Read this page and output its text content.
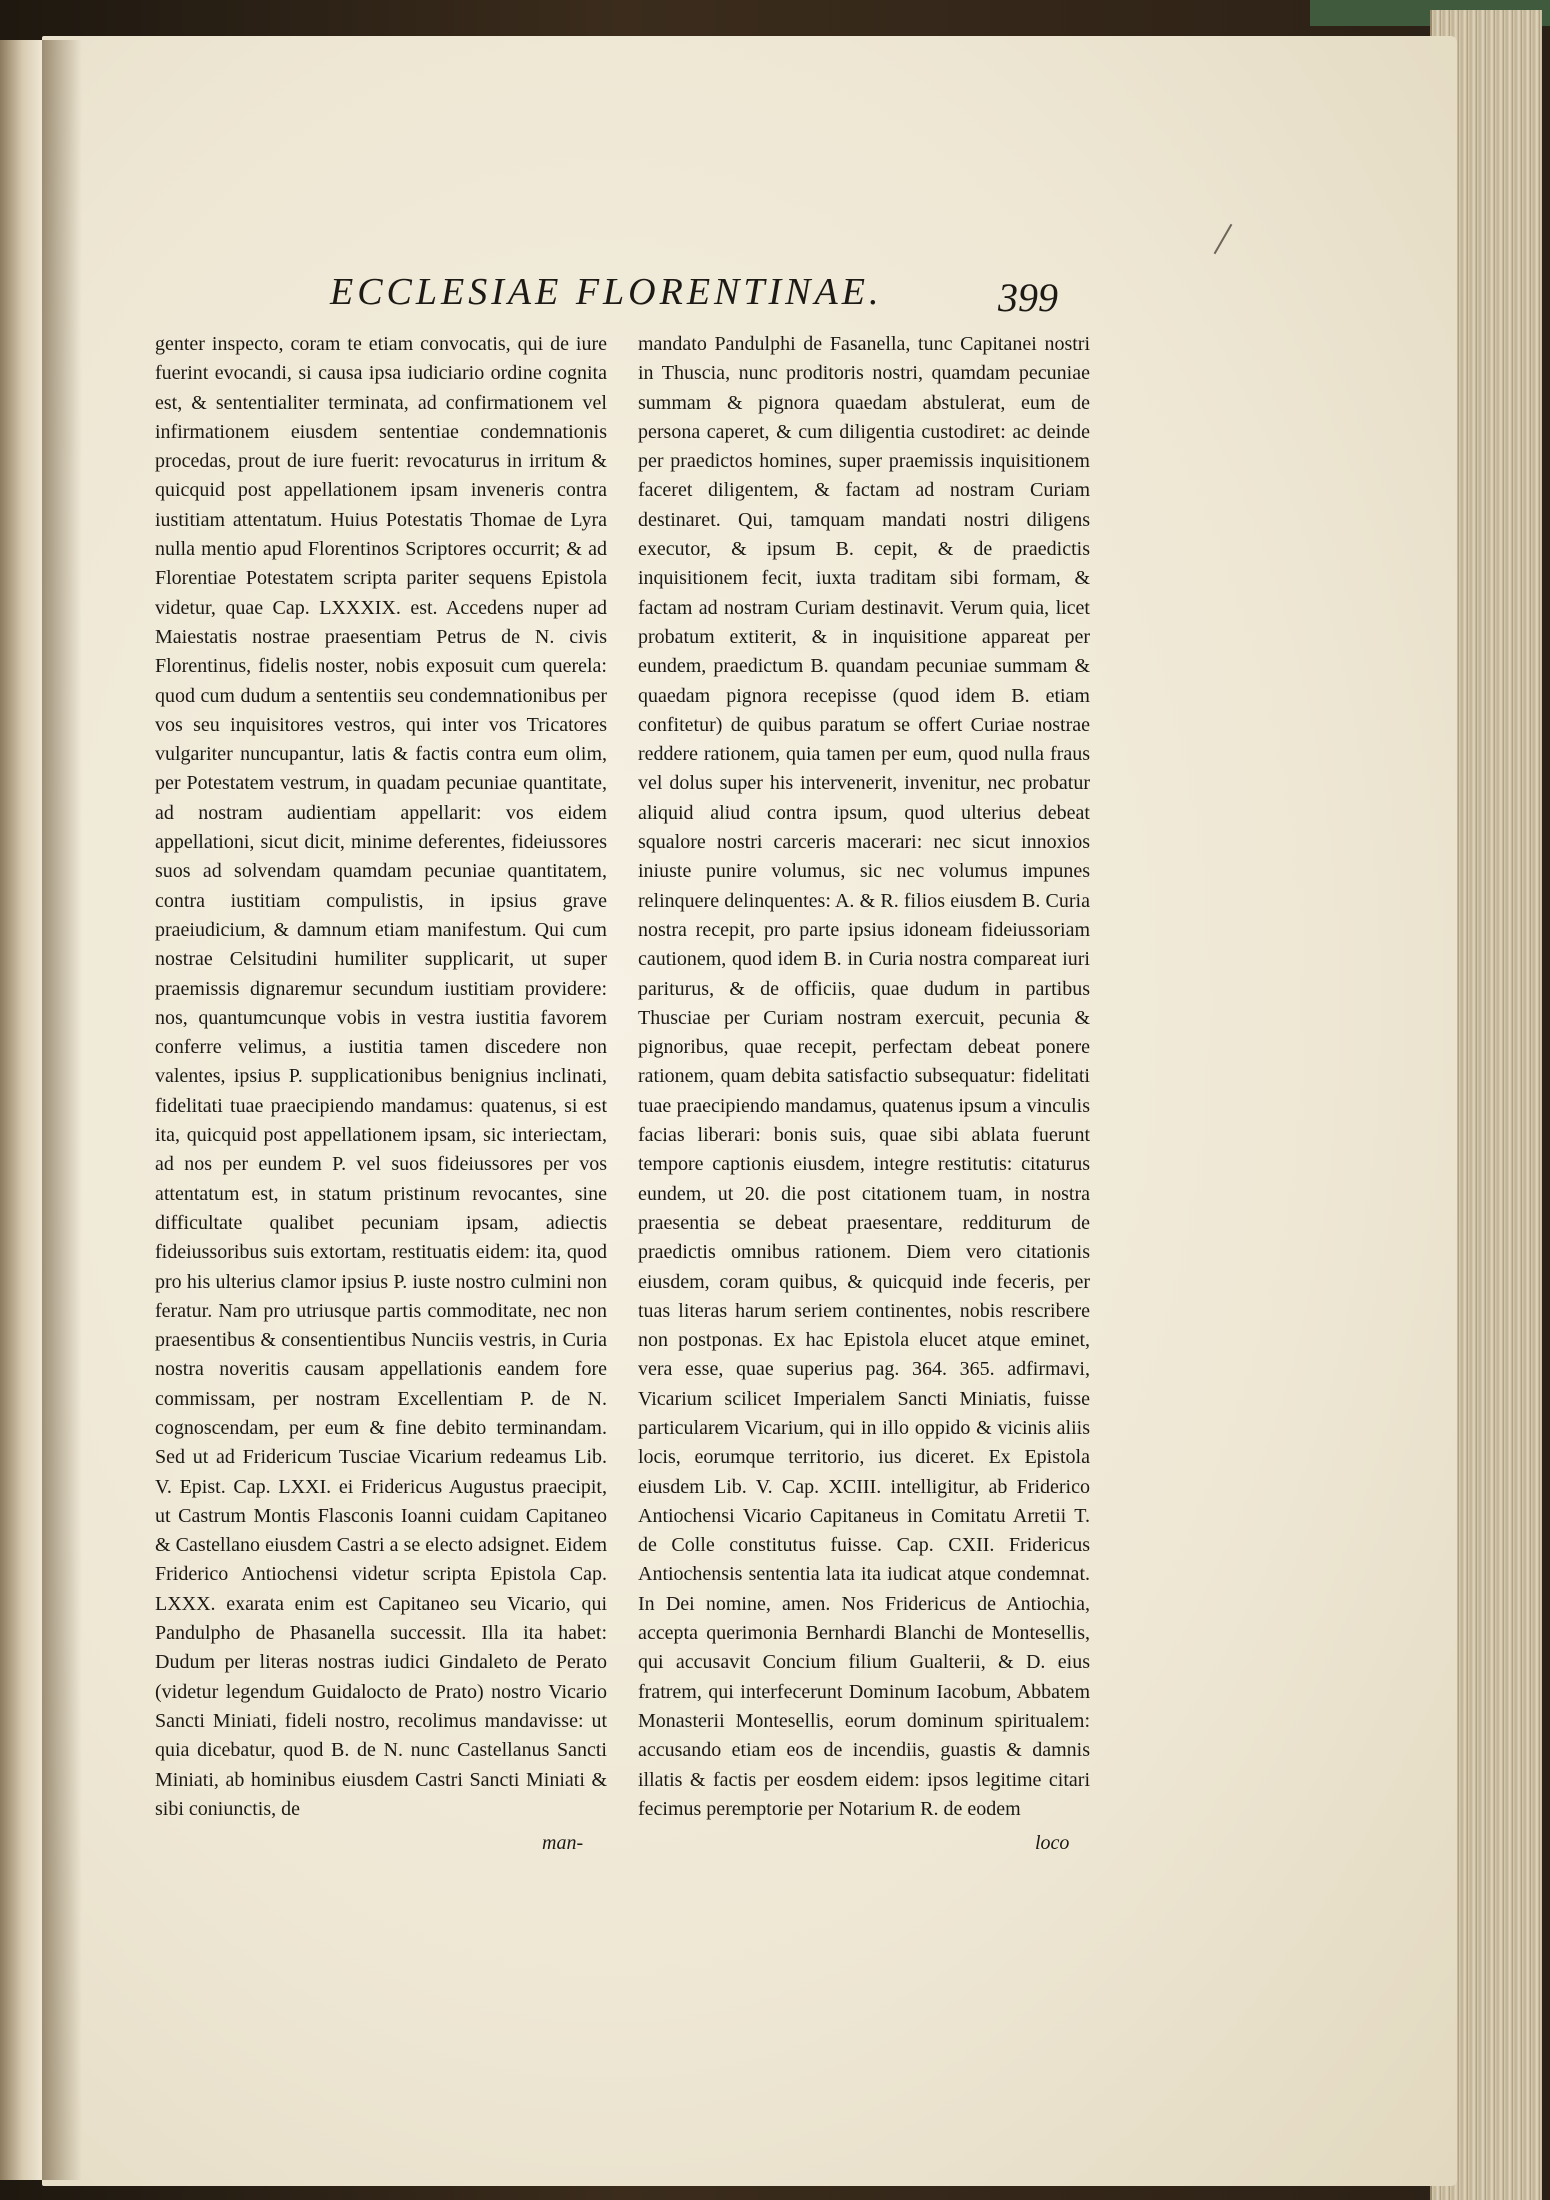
ECCLESIAE FLORENTINAE.	399

genter inspecto, coram te etiam convocatis, qui de iure fuerint evocandi, si causa ipsa iudiciario ordine cognita est, & sententialiter terminata, ad confirmationem vel infirmationem eiusdem sententiae condemnationis procedas, prout de iure fuerit: revocaturus in irritum & quicquid post appellationem ipsam inveneris contra iustitiam attentatum. Huius Potestatis Thomae de Lyra nulla mentio apud Florentinos Scriptores occurrit; & ad Florentiae Potestatem scripta pariter sequens Epistola videtur, quae Cap. LXXXIX. est. Accedens nuper ad Maiestatis nostrae praesentiam Petrus de N. civis Florentinus, fidelis noster, nobis exposuit cum querela: quod cum dudum a sententiis seu condemnationibus per vos seu inquisitores vestros, qui inter vos Tricatores vulgariter nuncupantur, latis & factis contra eum olim, per Potestatem vestrum, in quadam pecuniae quantitate, ad nostram audientiam appellarit: vos eidem appellationi, sicut dicit, minime deferentes, fideiussores suos ad solvendam quamdam pecuniae quantitatem, contra iustitiam compulistis, in ipsius grave praeiudicium, & damnum etiam manifestum. Qui cum nostrae Celsitudini humiliter supplicarit, ut super praemissis dignaremur secundum iustitiam providere: nos, quantumcunque vobis in vestra iustitia favorem conferre velimus, a iustitia tamen discedere non valentes, ipsius P. supplicationibus benignius inclinati, fidelitati tuae praecipiendo mandamus: quatenus, si est ita, quicquid post appellationem ipsam, sic interiectam, ad nos per eundem P. vel suos fideiussores per vos attentatum est, in statum pristinum revocantes, sine difficultate qualibet pecuniam ipsam, adiectis fideiussoribus suis extortam, restituatis eidem: ita, quod pro his ulterius clamor ipsius P. iuste nostro culmini non feratur. Nam pro utriusque partis commoditate, nec non praesentibus & consentientibus Nunciis vestris, in Curia nostra noveritis causam appellationis eandem fore commissam, per nostram Excellentiam P. de N. cognoscendam, per eum & fine debito terminandam. Sed ut ad Fridericum Tusciae Vicarium redeamus Lib. V. Epist. Cap. LXXI. ei Fridericus Augustus praecipit, ut Castrum Montis Flasconis Ioanni cuidam Capitaneo & Castellano eiusdem Castri a se electo adsignet. Eidem Friderico Antiochensi videtur scripta Epistola Cap. LXXX. exarata enim est Capitaneo seu Vicario, qui Pandulpho de Phasanella successit. Illa ita habet: Dudum per literas nostras iudici Gindaleto de Perato (videtur legendum Guidalocto de Prato) nostro Vicario Sancti Miniati, fideli nostro, recolimus mandavisse: ut quia dicebatur, quod B. de N. nunc Castellanus Sancti Miniati, ab hominibus eiusdem Castri Sancti Miniati & sibi coniunctis, de

man-

mandato Pandulphi de Fasanella, tunc Capitanei nostri in Thuscia, nunc proditoris nostri, quamdam pecuniae summam & pignora quaedam abstulerat, eum de persona caperet, & cum diligentia custodiret: ac deinde per praedictos homines, super praemissis inquisitionem faceret diligentem, & factam ad nostram Curiam destinaret. Qui, tamquam mandati nostri diligens executor, & ipsum B. cepit, & de praedictis inquisitionem fecit, iuxta traditam sibi formam, & factam ad nostram Curiam destinavit. Verum quia, licet probatum extiterit, & in inquisitione appareat per eundem, praedictum B. quandam pecuniae summam & quaedam pignora recepisse (quod idem B. etiam confitetur) de quibus paratum se offert Curiae nostrae reddere rationem, quia tamen per eum, quod nulla fraus vel dolus super his intervenerit, invenitur, nec probatur aliquid aliud contra ipsum, quod ulterius debeat squalore nostri carceris macerari: nec sicut innoxios iniuste punire volumus, sic nec volumus impunes relinquere delinquentes: A. & R. filios eiusdem B. Curia nostra recepit, pro parte ipsius idoneam fideiussoriam cautionem, quod idem B. in Curia nostra compareat iuri pariturus, & de officiis, quae dudum in partibus Thusciae per Curiam nostram exercuit, pecunia & pignoribus, quae recepit, perfectam debeat ponere rationem, quam debita satisfactio subsequatur: fidelitati tuae praecipiendo mandamus, quatenus ipsum a vinculis facias liberari: bonis suis, quae sibi ablata fuerunt tempore captionis eiusdem, integre restitutis: citaturus eundem, ut 20. die post citationem tuam, in nostra praesentia se debeat praesentare, redditurum de praedictis omnibus rationem. Diem vero citationis eiusdem, coram quibus, & quicquid inde feceris, per tuas literas harum seriem continentes, nobis rescribere non postponas. Ex hac Epistola elucet atque eminet, vera esse, quae superius pag. 364. 365. adfirmavi, Vicarium scilicet Imperialem Sancti Miniatis, fuisse particularem Vicarium, qui in illo oppido & vicinis aliis locis, eorumque territorio, ius diceret. Ex Epistola eiusdem Lib. V. Cap. XCIII. intelligitur, ab Friderico Antiochensi Vicario Capitaneus in Comitatu Arretii T. de Colle constitutus fuisse. Cap. CXII. Fridericus Antiochensis sententia lata ita iudicat atque condemnat. In Dei nomine, amen. Nos Fridericus de Antiochia, accepta querimonia Bernhardi Blanchi de Montesellis, qui accusavit Concium filium Gualterii, & D. eius fratrem, qui interfecerunt Dominum Iacobum, Abbatem Monasterii Montesellis, eorum dominum spiritualem: accusando etiam eos de incendiis, guastis & damnis illatis & factis per eosdem eidem: ipsos legitime citari fecimus peremptorie per Notarium R. de eodem

loco
